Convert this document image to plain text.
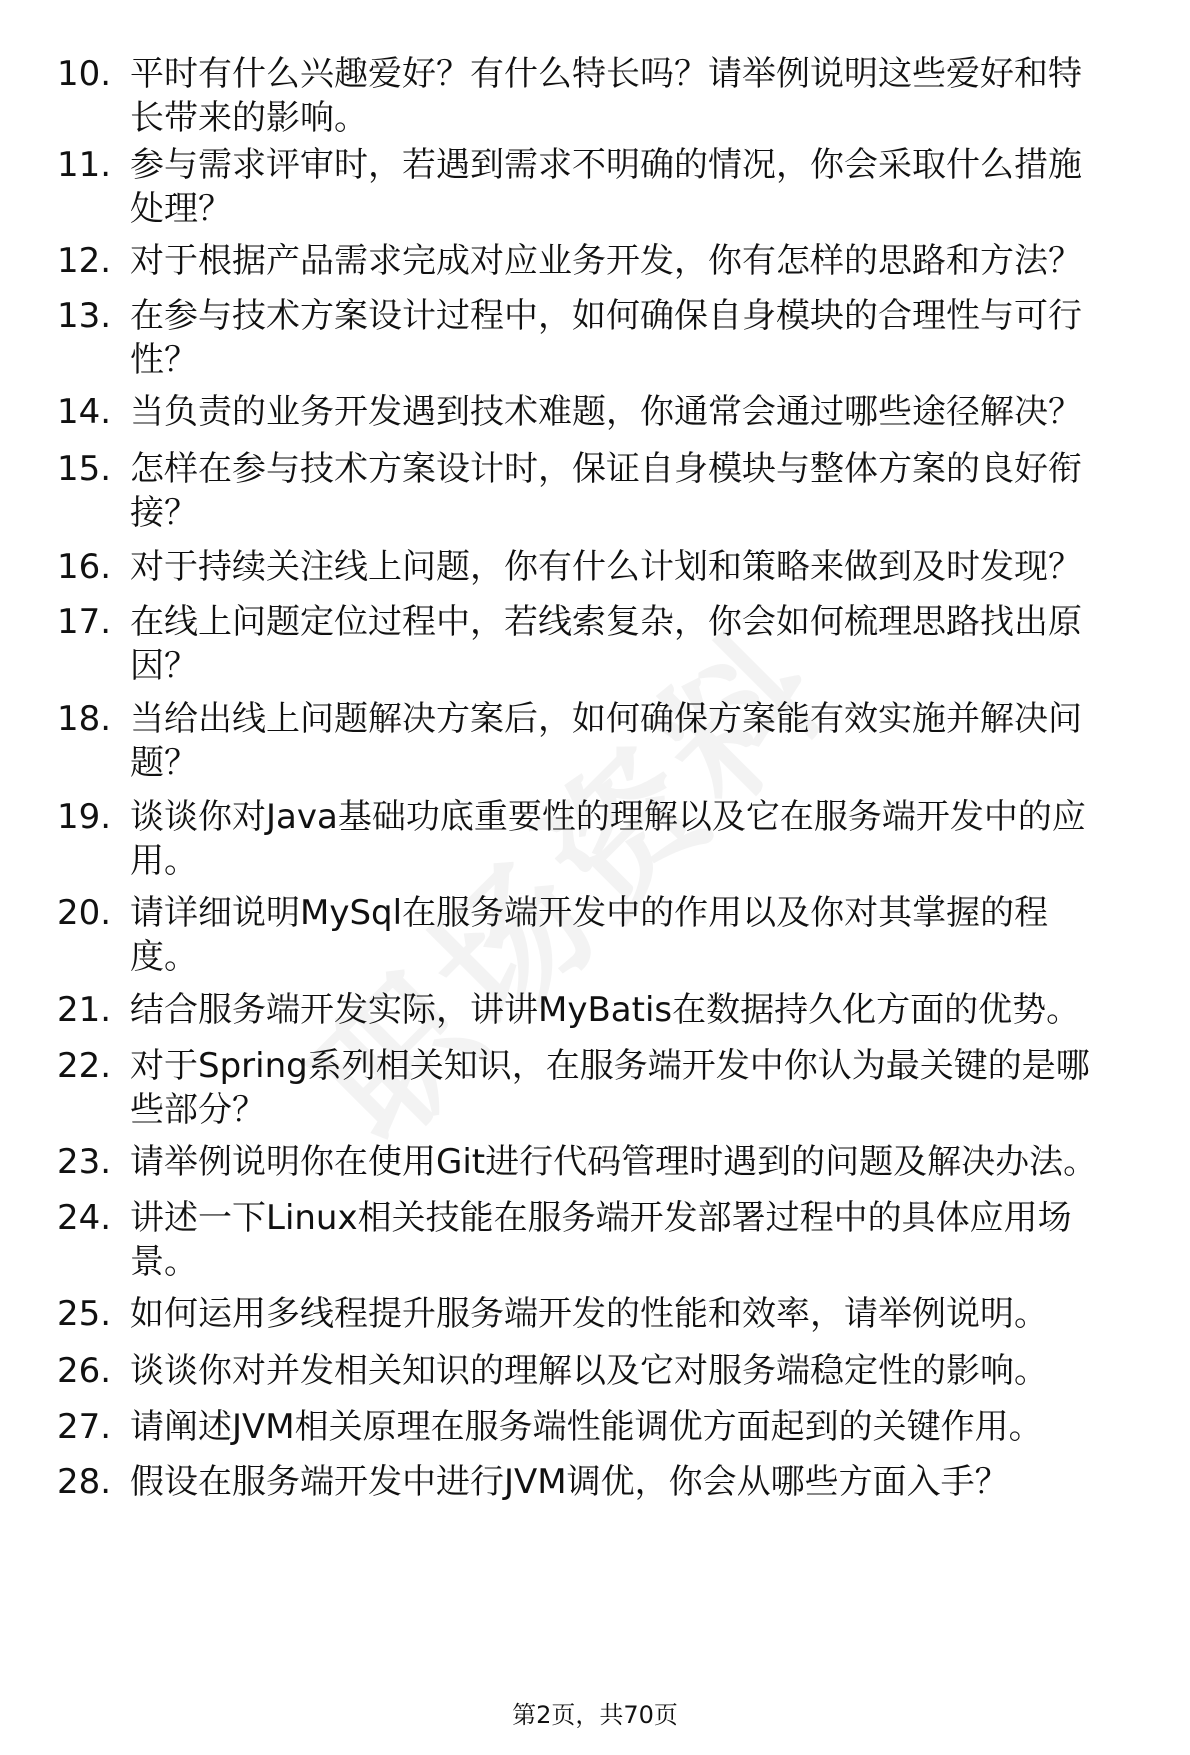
10. 平时有什么兴趣爱好？有什么特长吗？请举例说明这些爱好和特
长带来的影响。
11. 参与需求评审时，若遇到需求不明确的情况，你会采取什么措施
处理？
12. 对于根据产品需求完成对应业务开发，你有怎样的思路和方法？
13. 在参与技术方案设计过程中，如何确保自身模块的合理性与可行
性？
14. 当负责的业务开发遇到技术难题，你通常会通过哪些途径解决？
15. 怎样在参与技术方案设计时，保证自身模块与整体方案的良好衔
接？
16. 对于持续关注线上问题，你有什么计划和策略来做到及时发现？
17. 在线上问题定位过程中，若线索复杂，你会如何梳理思路找出原
因？
18. 当给出线上问题解决方案后，如何确保方案能有效实施并解决问
题？
19. 谈谈你对Java基础功底重要性的理解以及它在服务端开发中的应
用。
20. 请详细说明MySql在服务端开发中的作用以及你对其掌握的程
度。
21. 结合服务端开发实际，讲讲MyBatis在数据持久化方面的优势。
22. 对于Spring系列相关知识，在服务端开发中你认为最关键的是哪
些部分？
23. 请举例说明你在使用Git进行代码管理时遇到的问题及解决办法。
24. 讲述一下Linux相关技能在服务端开发部署过程中的具体应用场
景。
25. 如何运用多线程提升服务端开发的性能和效率，请举例说明。
26. 谈谈你对并发相关知识的理解以及它对服务端稳定性的影响。
27. 请阐述JVM相关原理在服务端性能调优方面起到的关键作用。
28. 假设在服务端开发中进行JVM调优，你会从哪些方面入手？
第2页，共70页
